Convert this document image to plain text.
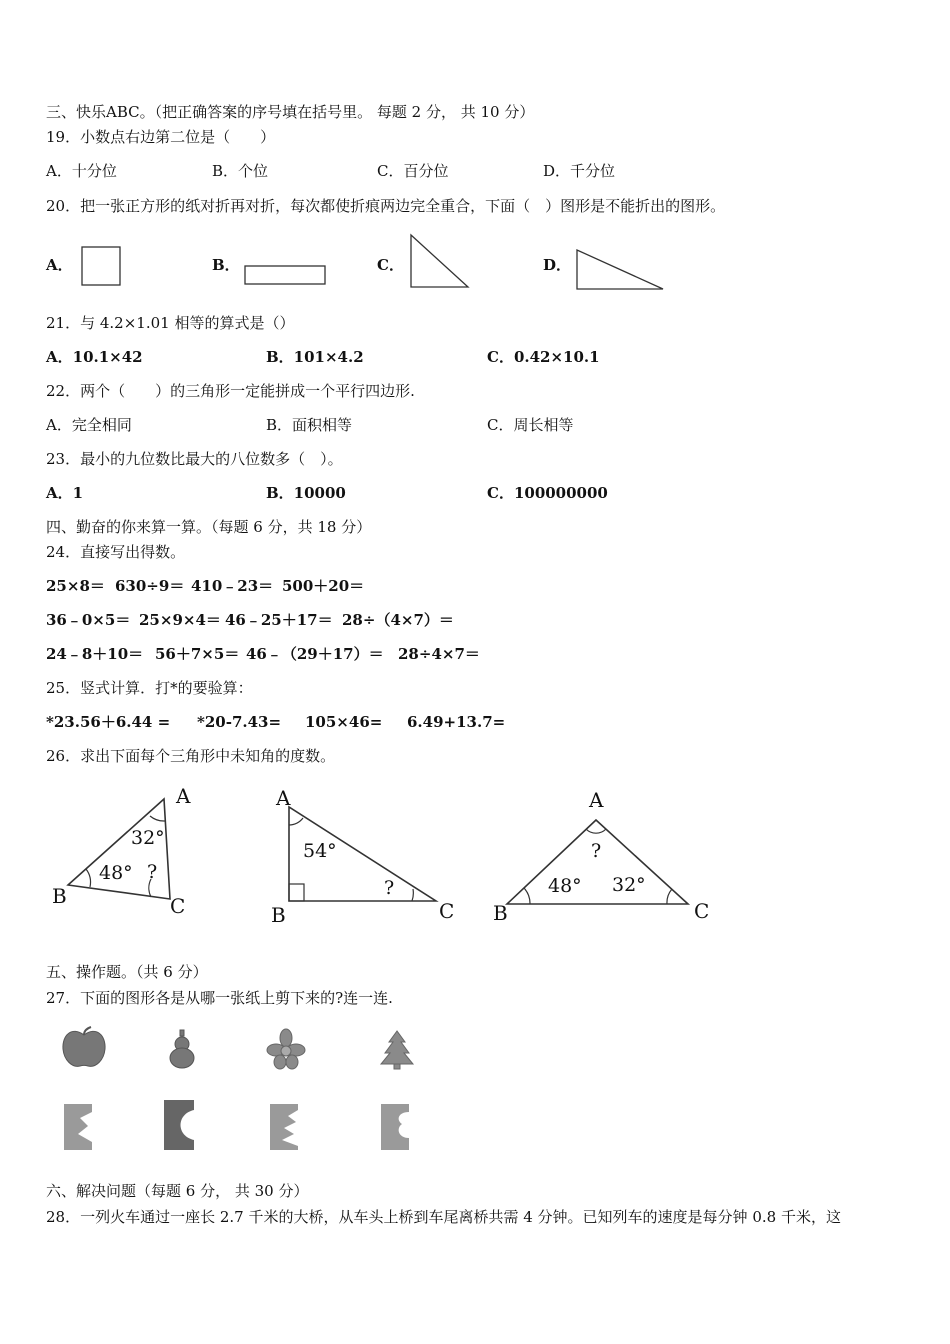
三、快乐ABC。（把正确答案的序号填在括号里。 每题 2 分， 共 10 分）
19．小数点右边第二位是（　　）
A．十分位	B．个位	C．百分位	D．千分位
20．把一张正方形的纸对折再对折，每次都使折痕两边完全重合，下面（　）图形是不能折出的图形。
A．	B．	C．	D．
21．与 4.2×1.01 相等的算式是（）
A．10.1×42	B．101×4.2	C．0.42×10.1
22．两个（　　）的三角形一定能拼成一个平行四边形.
A．完全相同	B．面积相等	C．周长相等
23．最小的九位数比最大的八位数多（　）。
A．1	B．10000	C．100000000
四、勤奋的你来算一算。（每题 6 分，共 18 分）
24．直接写出得数。
25×8＝ 630÷9＝ 410﹣23＝ 500＋20＝
36﹣0×5＝ 25×9×4＝ 46﹣25＋17＝ 28÷（4×7）＝
24﹣8＋10＝ 56＋7×5＝ 46﹣（29＋17）＝ 28÷4×7＝
25．竖式计算．打*的要验算：
*23.56＋6.44 = *20-7.43= 105×46= 6.49+13.7=
26．求出下面每个三角形中未知角的度数。
A
B	C
32°
48° ?
A
B	C
54°
?
A
B	C
?
48° 32°
五、操作题。（共 6 分）
27．下面的图形各是从哪一张纸上剪下来的?连一连.
六、解决问题（每题 6 分， 共 30 分）
28．一列火车通过一座长 2.7 千米的大桥，从车头上桥到车尾离桥共需 4 分钟。已知列车的速度是每分钟 0.8 千米，这
